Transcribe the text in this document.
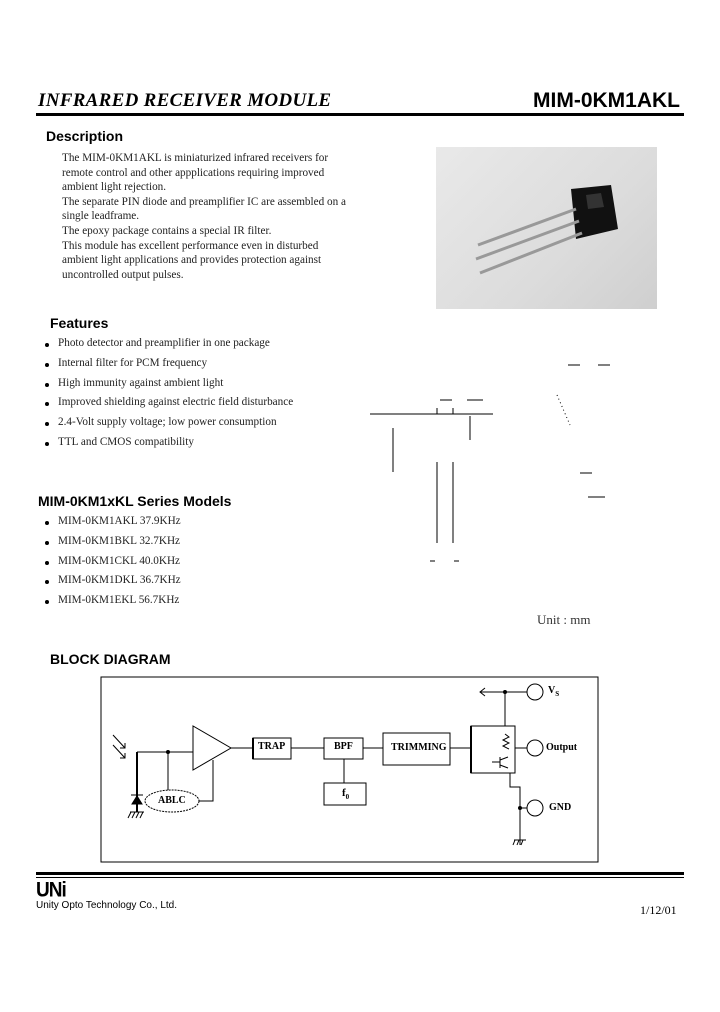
INFRARED RECEIVER MODULE	MIM-0KM1AKL
Description

The MIM-0KM1AKL is miniaturized infrared receivers for remote control and other appplications requiring improved ambient light rejection.

The separate PIN diode and preamplifier IC are assembled on a single leadframe.

The epoxy package contains a special IR filter.

This module has excellent performance even in disturbed ambient light applications and provides protection against uncontrolled output pulses.

Features
Photo detector and preamplifier in one package
Internal filter for PCM frequency
High immunity against ambient light
Improved shielding against electric field disturbance
2.4-Volt supply voltage; low power consumption
TTL and CMOS compatibility
MIM-0KM1xKL Series Models
MIM-0KM1AKL 37.9KHz
MIM-0KM1BKL 32.7KHz
MIM-0KM1CKL 40.0KHz
MIM-0KM1DKL 36.7KHz
MIM-0KM1EKL 56.7KHz
Unit : mm
BLOCK DIAGRAM
ABLC
TRAP	BPF
$f_0$
TRIMMING
$V_S$
Output
GND
UNi
Unity Opto Technology Co., Ltd.	1/12/01
